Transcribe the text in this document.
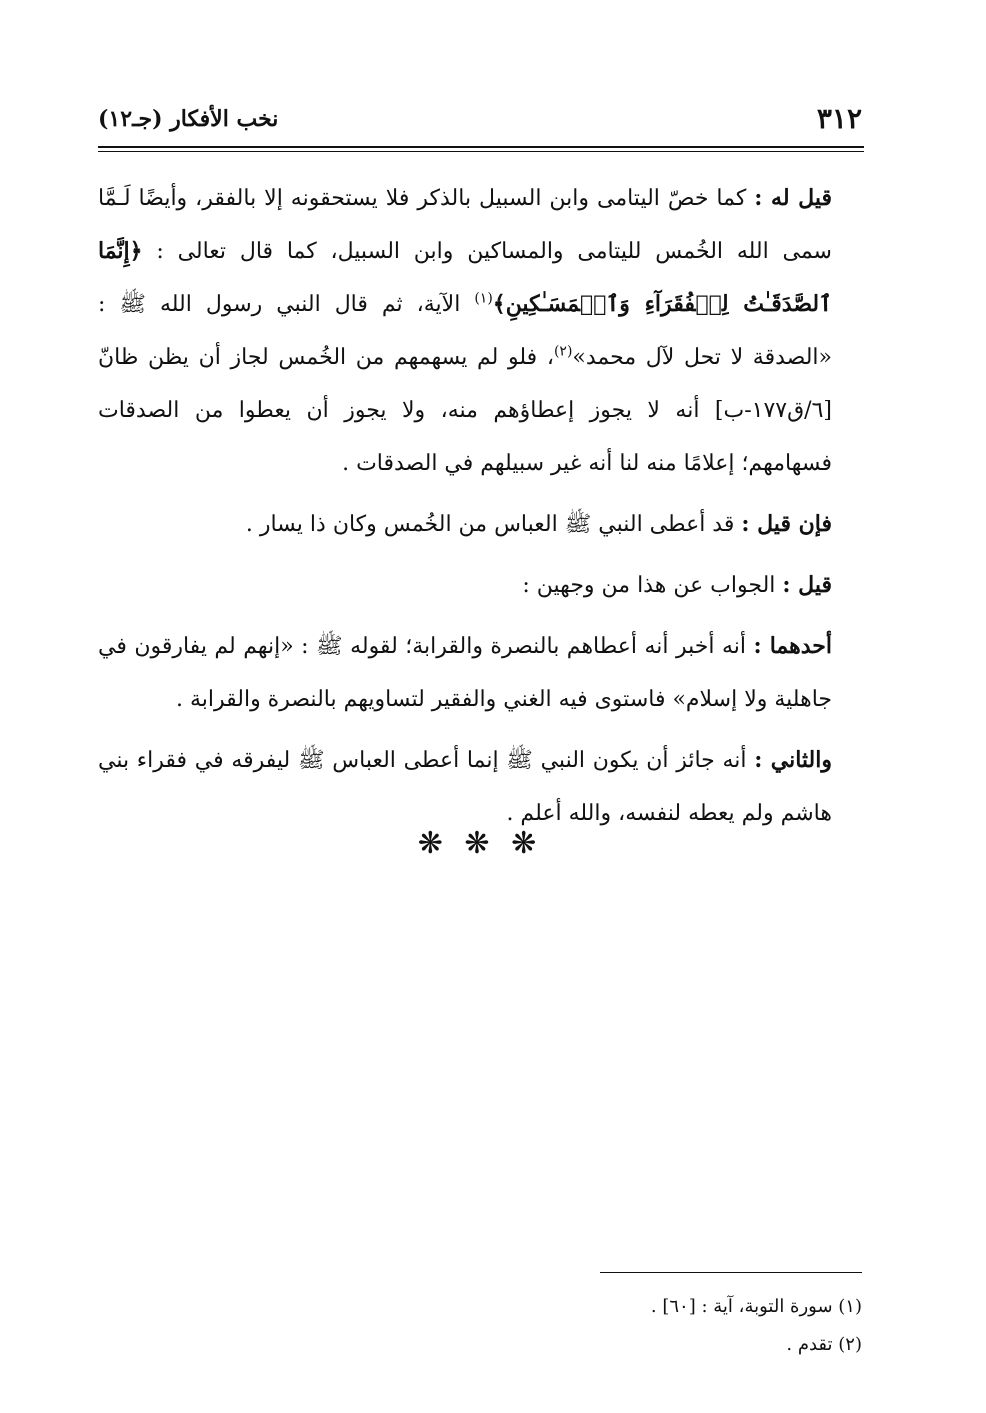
٣١٢
نخب الأفكار (جـ١٢)

قيل له : كما خصّ اليتامى وابن السبيل بالذكر فلا يستحقونه إلا بالفقر، وأيضًا لَـمَّا سمى الله الخُمس لليتامى والمساكين وابن السبيل، كما قال تعالى : ﴿إِنَّمَا ٱلصَّدَقَـٰتُ لِلۡفُقَرَآءِ وَٱلۡمَسَـٰكِينِ﴾$^{(١)}$ الآية، ثم قال النبي رسول الله ﷺ : «الصدقة لا تحل لآل محمد»$^{(٢)}$، فلو لم يسهمهم من الخُمس لجاز أن يظن ظانّ [٦/ق١٧٧-ب] أنه لا يجوز إعطاؤهم منه، ولا يجوز أن يعطوا من الصدقات فسهامهم؛ إعلامًا منه لنا أنه غير سبيلهم في الصدقات .

فإن قيل : قد أعطى النبي ﷺ العباس من الخُمس وكان ذا يسار .

قيل : الجواب عن هذا من وجهين :

أحدهما : أنه أخبر أنه أعطاهم بالنصرة والقرابة؛ لقوله ﷺ : «إنهم لم يفارقون في جاهلية ولا إسلام» فاستوى فيه الغني والفقير لتساويهم بالنصرة والقرابة .

والثاني : أنه جائز أن يكون النبي ﷺ إنما أعطى العباس ﷺ ليفرقه في فقراء بني هاشم ولم يعطه لنفسه، والله أعلم .

❋ ❋ ❋

(١) سورة التوبة، آية : [٦٠] .

(٢) تقدم .
